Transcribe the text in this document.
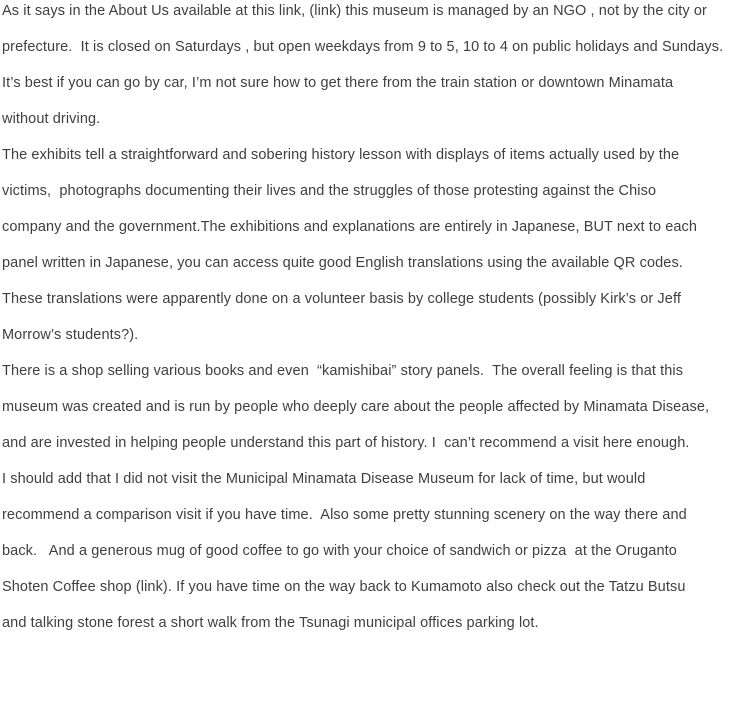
As it says in the About Us available at this link, (link) this museum is managed by an NGO , not by the city or
prefecture.  It is closed on Saturdays , but open weekdays from 9 to 5, 10 to 4 on public holidays and Sundays.
It’s best if you can go by car, I’m not sure how to get there from the train station or downtown Minamata
without driving.
The exhibits tell a straightforward and sobering history lesson with displays of items actually used by the
victims,  photographs documenting their lives and the struggles of those protesting against the Chiso
company and the government.The exhibitions and explanations are entirely in Japanese, BUT next to each
panel written in Japanese, you can access quite good English translations using the available QR codes.
These translations were apparently done on a volunteer basis by college students (possibly Kirk’s or Jeff
Morrow’s students?).
There is a shop selling various books and even  “kamishibai” story panels.  The overall feeling is that this
museum was created and is run by people who deeply care about the people affected by Minamata Disease,
and are invested in helping people understand this part of history. I  can’t recommend a visit here enough.
I should add that I did not visit the Municipal Minamata Disease Museum for lack of time, but would
recommend a comparison visit if you have time.  Also some pretty stunning scenery on the way there and
back.   And a generous mug of good coffee to go with your choice of sandwich or pizza  at the Oruganto
Shoten Coffee shop (link). If you have time on the way back to Kumamoto also check out the Tatzu Butsu
and talking stone forest a short walk from the Tsunagi municipal offices parking lot.
